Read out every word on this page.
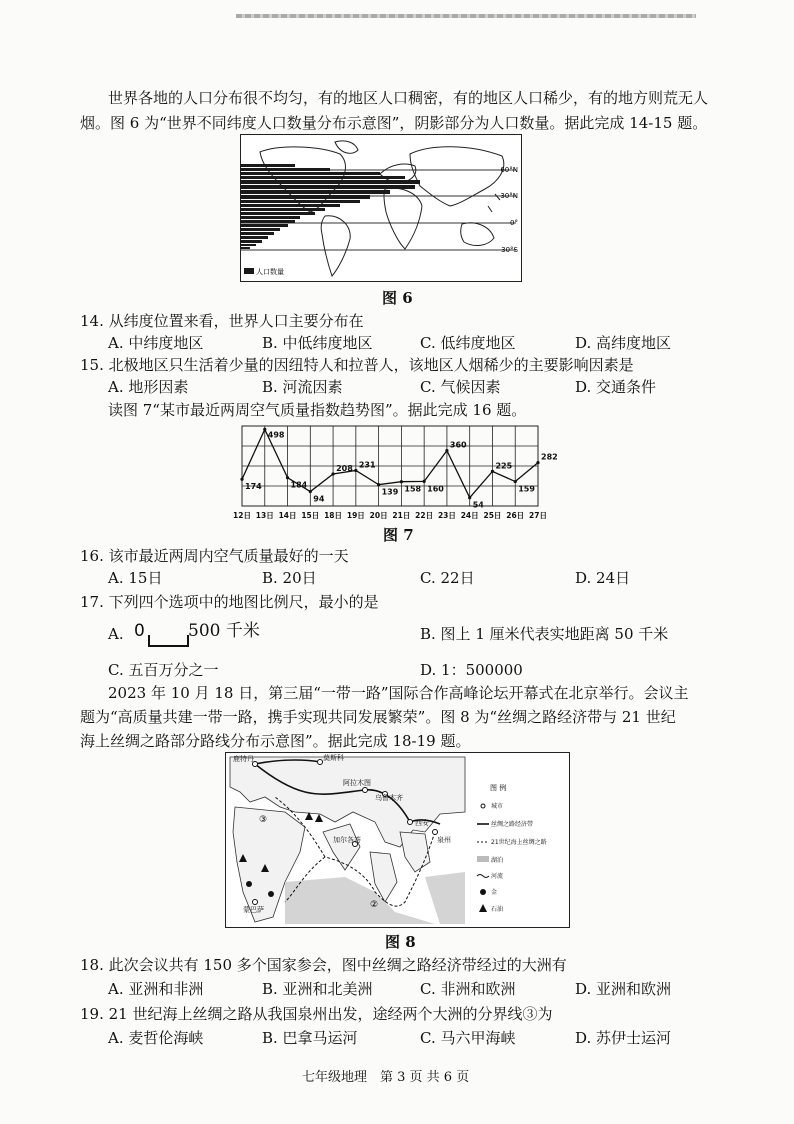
世界各地的人口分布很不均匀，有的地区人口稠密，有的地区人口稀少，有的地方则荒无人
烟。图 6 为“世界不同纬度人口数量分布示意图”，阴影部分为人口数量。据此完成 14-15 题。
60°N
30°N
0°
30°S
人口数量
图 6
14. 从纬度位置来看，世界人口主要分布在
A. 中纬度地区	B. 中低纬度地区	C. 低纬度地区	D. 高纬度地区
15. 北极地区只生活着少量的因纽特人和拉普人，该地区人烟稀少的主要影响因素是
A. 地形因素	B. 河流因素	C. 气候因素	D. 交通条件
读图 7“某市最近两周空气质量指数趋势图”。据此完成 16 题。
174
12日
498
13日
184
14日
94
15日
208
18日
231
19日
139
20日
158
21日
160
22日
360
23日
54
24日
225
25日
159
26日
282
27日
图 7
16. 该市最近两周内空气质量最好的一天
A. 15日	B. 20日	C. 22日	D. 24日
17. 下列四个选项中的地图比例尺，最小的是
A. 0	500 千米	B. 图上 1 厘米代表实地距离 50 千米
C. 五百万分之一	D. 1：500000
2023 年 10 月 18 日，第三届“一带一路”国际合作高峰论坛开幕式在北京举行。会议主
题为“高质量共建一带一路，携手实现共同发展繁荣”。图 8 为“丝绸之路经济带与 21 世纪
海上丝绸之路部分路线分布示意图”。据此完成 18-19 题。
鹿特丹	莫斯科
阿拉木图
乌鲁木齐
西安
泉州
加尔各答
蒙巴萨
③
②
图 例
城市
丝绸之路经济带
21世纪海上丝绸之路
湖泊
河流
金
石油
图 8
18. 此次会议共有 150 多个国家参会，图中丝绸之路经济带经过的大洲有
A. 亚洲和非洲	B. 亚洲和北美洲	C. 非洲和欧洲	D. 亚洲和欧洲
19. 21 世纪海上丝绸之路从我国泉州出发，途经两个大洲的分界线③为
A. 麦哲伦海峡	B. 巴拿马运河	C. 马六甲海峡	D. 苏伊士运河
七年级地理　第 3 页 共 6 页
